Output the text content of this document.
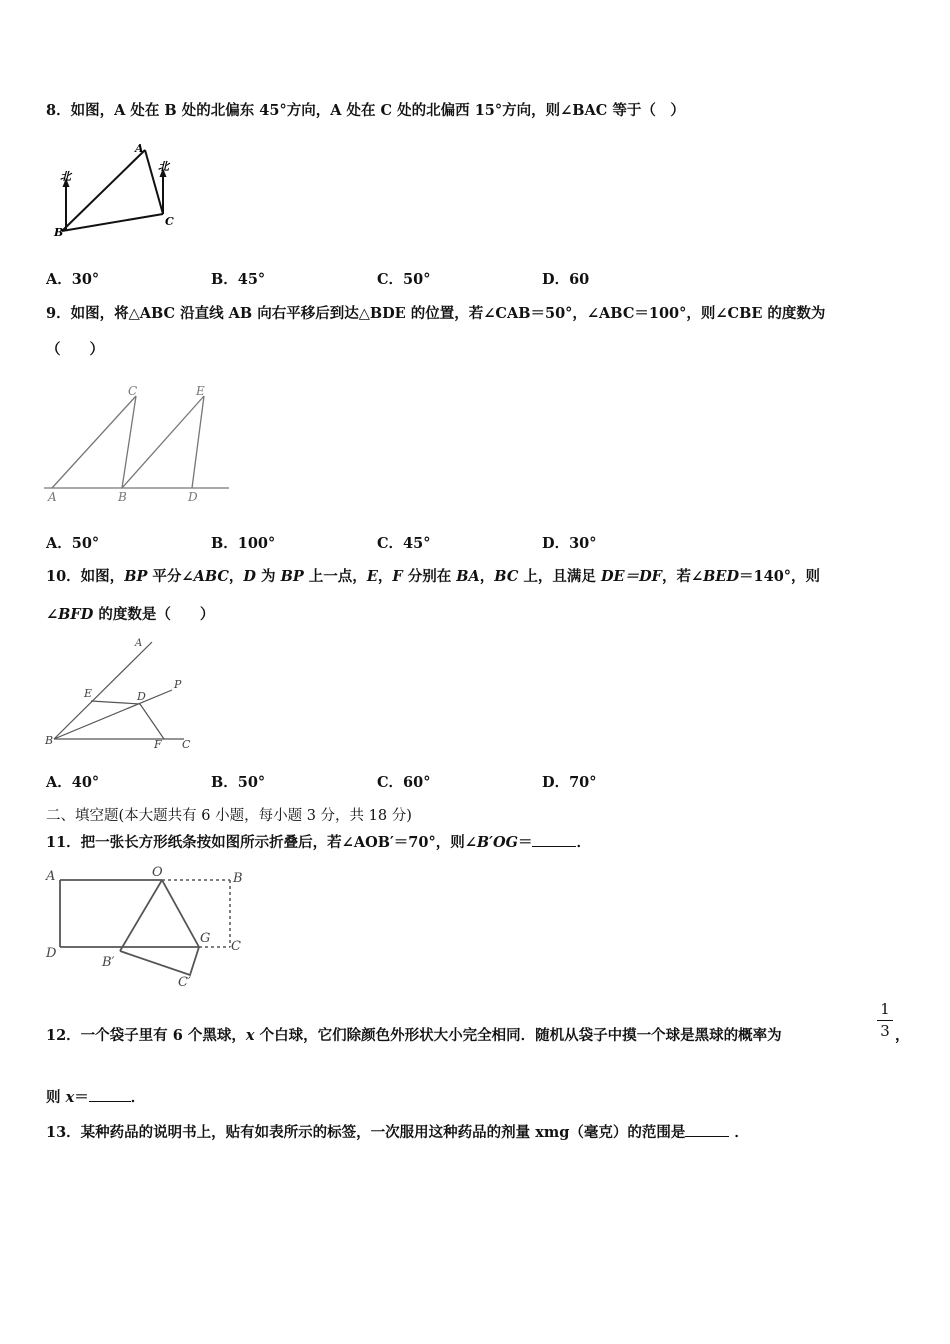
8．如图，A 处在 B 处的北偏东 45°方向，A 处在 C 处的北偏西 15°方向，则∠BAC 等于（　）
北
北
A
B
C
A．30°	B．45°	C．50°	D．60
9．如图，将△ABC 沿直线 AB 向右平移后到达△BDE 的位置，若∠CAB＝50°，∠ABC＝100°，则∠CBE 的度数为
（　　）
A	B	D
C	E
A．50°	B．100°	C．45°	D．30°
10．如图，BP 平分∠ABC，D 为 BP 上一点，E，F 分别在 BA，BC 上，且满足 DE＝DF，若∠BED＝140°，则
∠BFD 的度数是（　　）
A
P
E	D
B	F C
A．40°	B．50°	C．60°	D．70°
二、填空题(本大题共有 6 小题，每小题 3 分，共 18 分)
11．把一张长方形纸条按如图所示折叠后，若∠AOB′＝70°，则∠B′OG＝	．
A	O	B
D
G
C
B′
C′
12．一个袋子里有 6 个黑球，x 个白球，它们除颜色外形状大小完全相同．随机从袋子中摸一个球是黑球的概率为
1
3 ，
则 x＝	．
13．某种药品的说明书上，贴有如表所示的标签，一次服用这种药品的剂量 xmg（毫克）的范围是	．
